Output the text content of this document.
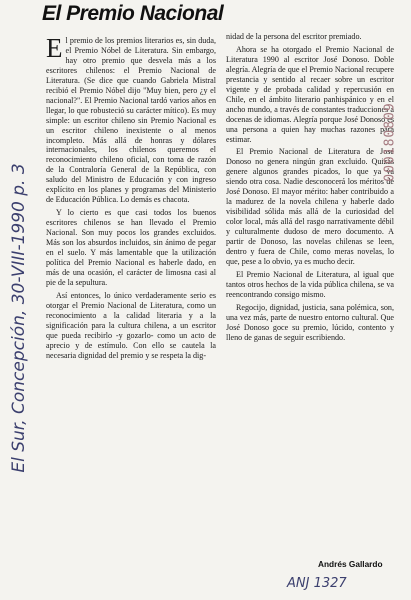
El Premio Nacional

El premio de los premios literarios es, sin duda, el Premio Nóbel de Literatura. Sin embargo, hay otro premio que desvela más a los escritores chilenos: el Premio Nacional de Literatura. (Se dice que cuando Gabriela Mistral recibió el Premio Nóbel dijo "Muy bien, pero ¿y el nacional?". El Premio Nacional tardó varios años en llegar, lo que robusteció su carácter mítico). Es muy simple: un escritor chileno sin Premio Nacional es un escritor chileno inexistente o al menos incompleto. Más allá de honras y dólares internacionales, los chilenos queremos el reconocimiento chileno oficial, con toma de razón de la Contraloría General de la República, con saludo del Ministro de Educación y con ingreso explícito en los planes y programas del Ministerio de Educación Pública. Lo demás es chacota.

Y lo cierto es que casi todos los buenos escritores chilenos se han llevado el Premio Nacional. Son muy pocos los grandes excluidos. Más son los absurdos incluidos, sin ánimo de pegar en el suelo. Y más lamentable que la utilización política del Premio Nacional es haberle dado, en más de una ocasión, el carácter de limosna casi al pie de la sepultura.

Así entonces, lo único verdaderamente serio es otorgar el Premio Nacional de Literatura, como un reconocimiento a la calidad literaria y a la significación para la cultura chilena, a un escritor que pueda recibirlo -y gozarlo- como un acto de aprecio y de estímulo. Con ello se cautela la necesaria dignidad del premio y se respeta la dig-

nidad de la persona del escritor premiado.

Ahora se ha otorgado el Premio Nacional de Literatura 1990 al escritor José Donoso. Doble alegría. Alegría de que el Premio Nacional recupere prestancia y sentido al recaer sobre un escritor vigente y de probada calidad y repercusión en Chile, en el ámbito literario panhispánico y en el ancho mundo, a través de constantes traducciones a docenas de idiomas. Alegría porque José Donoso es una persona a quien hay muchas razones para estimar.

El Premio Nacional de Literatura de José Donoso no genera ningún gran excluido. Quizás genere algunos grandes picados, lo que ya va siendo otra cosa. Nadie desconocerá los méritos de José Donoso. El mayor mérito: haber contribuido a la madurez de la novela chilena y haberle dado visibilidad sólida más allá de la curiosidad del color local, más allá del rasgo narrativamente débil y culturalmente dudoso de mero documento. A partir de Donoso, las novelas chilenas se leen, dentro y fuera de Chile, como meras novelas, lo que, pese a lo obvio, ya es mucho decir.

El Premio Nacional de Literatura, al igual que tantos otros hechos de la vida pública chilena, se va reencontrando consigo mismo.

Regocijo, dignidad, justicia, sana polémica, son, una vez más, parte de nuestro entorno cultural. Que José Donoso goce su premio, lúcido, contento y lleno de ganas de seguir escribiendo.

Andrés Gallardo
El Sur, Concepción, 30-VIII-1990 p. 3
000180809
ANJ 1327
